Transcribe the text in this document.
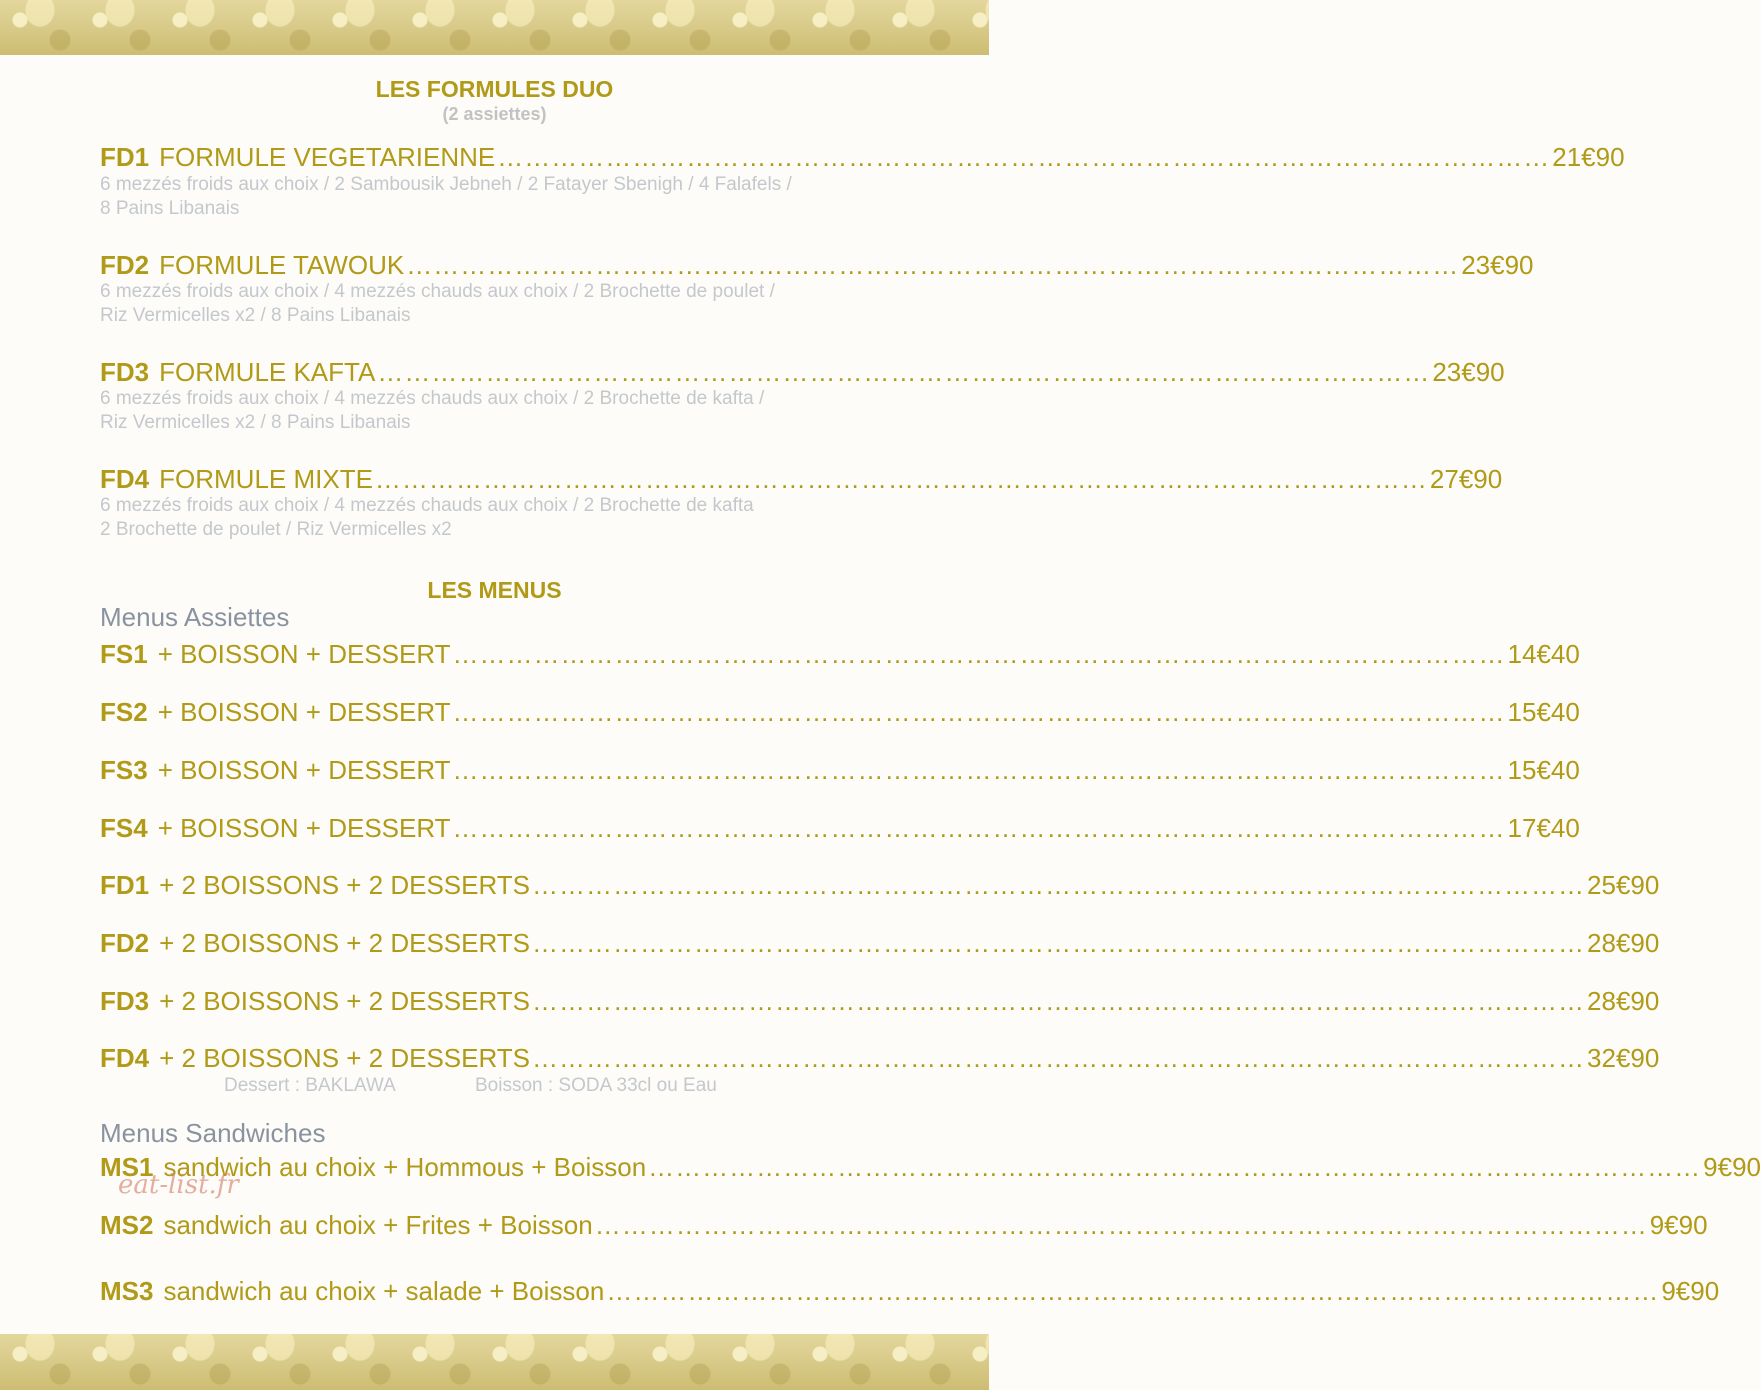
LES FORMULES DUO
(2 assiettes)
FD1 FORMULE VEGETARIENNE ……………………………………………………………………………………………………… 21€90
6 mezzés froids aux choix / 2 Sambousik Jebneh / 2 Fatayer Sbenigh / 4 Falafels /
8 Pains Libanais
FD2 FORMULE TAWOUK ……………………………………………………………………………………………………… 23€90
6 mezzés froids aux choix / 4 mezzés chauds aux choix / 2 Brochette de poulet /
Riz Vermicelles x2 / 8 Pains Libanais
FD3 FORMULE KAFTA ……………………………………………………………………………………………………… 23€90
6 mezzés froids aux choix / 4 mezzés chauds aux choix / 2 Brochette de kafta /
Riz Vermicelles x2 / 8 Pains Libanais
FD4 FORMULE MIXTE ……………………………………………………………………………………………………… 27€90
6 mezzés froids aux choix / 4 mezzés chauds aux choix / 2 Brochette de kafta
2 Brochette de poulet / Riz Vermicelles x2
LES MENUS
Menus Assiettes
FS1 + BOISSON + DESSERT ……………………………………………………………………………………………………… 14€40
FS2 + BOISSON + DESSERT ……………………………………………………………………………………………………… 15€40
FS3 + BOISSON + DESSERT ……………………………………………………………………………………………………… 15€40
FS4 + BOISSON + DESSERT ……………………………………………………………………………………………………… 17€40
FD1 + 2 BOISSONS + 2 DESSERTS ……………………………………………………………………………………………………… 25€90
FD2 + 2 BOISSONS + 2 DESSERTS ……………………………………………………………………………………………………… 28€90
FD3 + 2 BOISSONS + 2 DESSERTS ……………………………………………………………………………………………………… 28€90
FD4 + 2 BOISSONS + 2 DESSERTS ……………………………………………………………………………………………………… 32€90
Dessert : BAKLAWA	Boisson : SODA 33cl ou Eau
Menus Sandwiches
MS1 sandwich au choix + Hommous + Boisson ……………………………………………………………………………………………………… 9€90
MS2 sandwich au choix + Frites + Boisson ……………………………………………………………………………………………………… 9€90
MS3 sandwich au choix + salade + Boisson ……………………………………………………………………………………………………… 9€90
eat-list.fr
